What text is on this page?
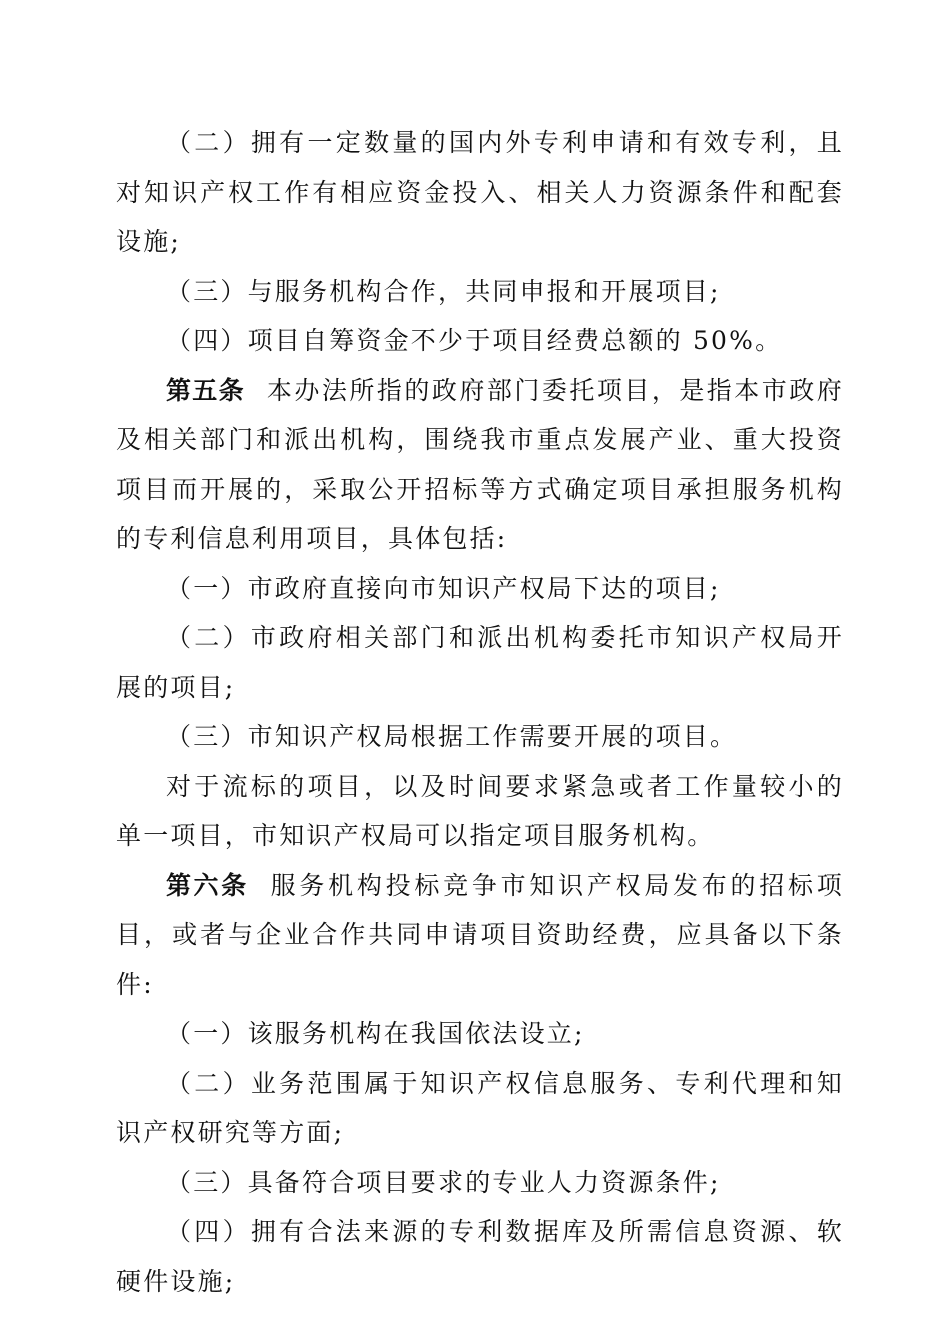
（二）拥有一定数量的国内外专利申请和有效专利，且对知识产权工作有相应资金投入、相关人力资源条件和配套设施;

（三）与服务机构合作，共同申报和开展项目;

（四）项目自筹资金不少于项目经费总额的 50%。

第五条 本办法所指的政府部门委托项目，是指本市政府及相关部门和派出机构，围绕我市重点发展产业、重大投资项目而开展的，采取公开招标等方式确定项目承担服务机构的专利信息利用项目，具体包括:

（一）市政府直接向市知识产权局下达的项目;

（二）市政府相关部门和派出机构委托市知识产权局开展的项目;

（三）市知识产权局根据工作需要开展的项目。

对于流标的项目，以及时间要求紧急或者工作量较小的单一项目，市知识产权局可以指定项目服务机构。

第六条 服务机构投标竞争市知识产权局发布的招标项目，或者与企业合作共同申请项目资助经费，应具备以下条件:

（一）该服务机构在我国依法设立;

（二）业务范围属于知识产权信息服务、专利代理和知识产权研究等方面;

（三）具备符合项目要求的专业人力资源条件;

（四）拥有合法来源的专利数据库及所需信息资源、软硬件设施;
